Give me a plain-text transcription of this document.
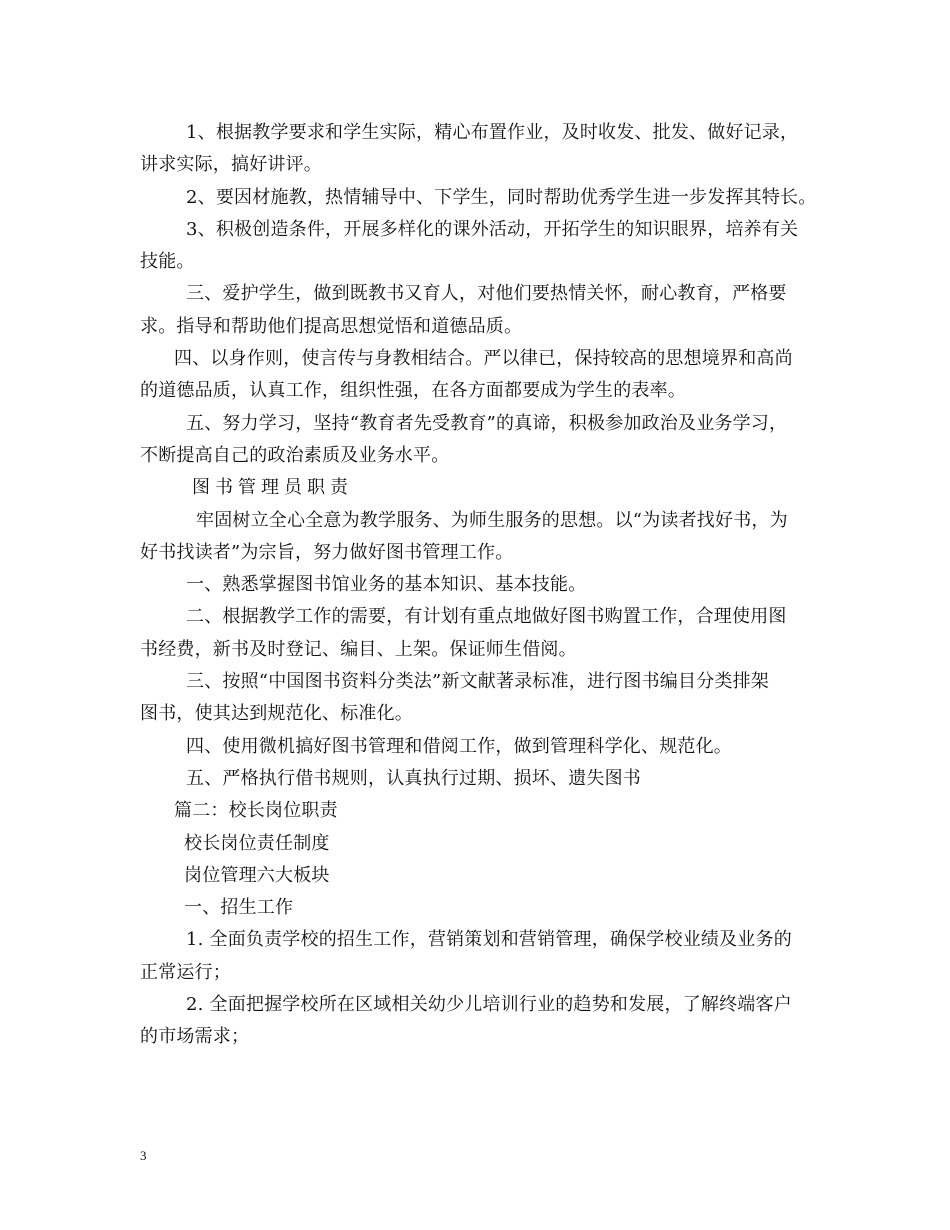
1、根据教学要求和学生实际，精心布置作业，及时收发、批发、做好记录，

讲求实际，搞好讲评。

2、要因材施教，热情辅导中、下学生，同时帮助优秀学生进一步发挥其特长。

3、积极创造条件，开展多样化的课外活动，开拓学生的知识眼界，培养有关

技能。

三、爱护学生，做到既教书又育人，对他们要热情关怀，耐心教育，严格要

求。指导和帮助他们提高思想觉悟和道德品质。

四、以身作则，使言传与身教相结合。严以律已，保持较高的思想境界和高尚

的道德品质，认真工作，组织性强，在各方面都要成为学生的表率。

五、努力学习，坚持“教育者先受教育”的真谛，积极参加政治及业务学习，

不断提高自己的政治素质及业务水平。

图书管理员职责

牢固树立全心全意为教学服务、为师生服务的思想。以“为读者找好书，为

好书找读者”为宗旨，努力做好图书管理工作。

一、熟悉掌握图书馆业务的基本知识、基本技能。

二、根据教学工作的需要，有计划有重点地做好图书购置工作，合理使用图

书经费，新书及时登记、编目、上架。保证师生借阅。

三、按照“中国图书资料分类法”新文献著录标准，进行图书编目分类排架

图书，使其达到规范化、标准化。

四、使用微机搞好图书管理和借阅工作，做到管理科学化、规范化。

五、严格执行借书规则，认真执行过期、损坏、遗失图书

篇二：校长岗位职责

校长岗位责任制度

岗位管理六大板块

一、招生工作

1. 全面负责学校的招生工作，营销策划和营销管理，确保学校业绩及业务的

正常运行；

2. 全面把握学校所在区域相关幼少儿培训行业的趋势和发展，了解终端客户

的市场需求；

3
